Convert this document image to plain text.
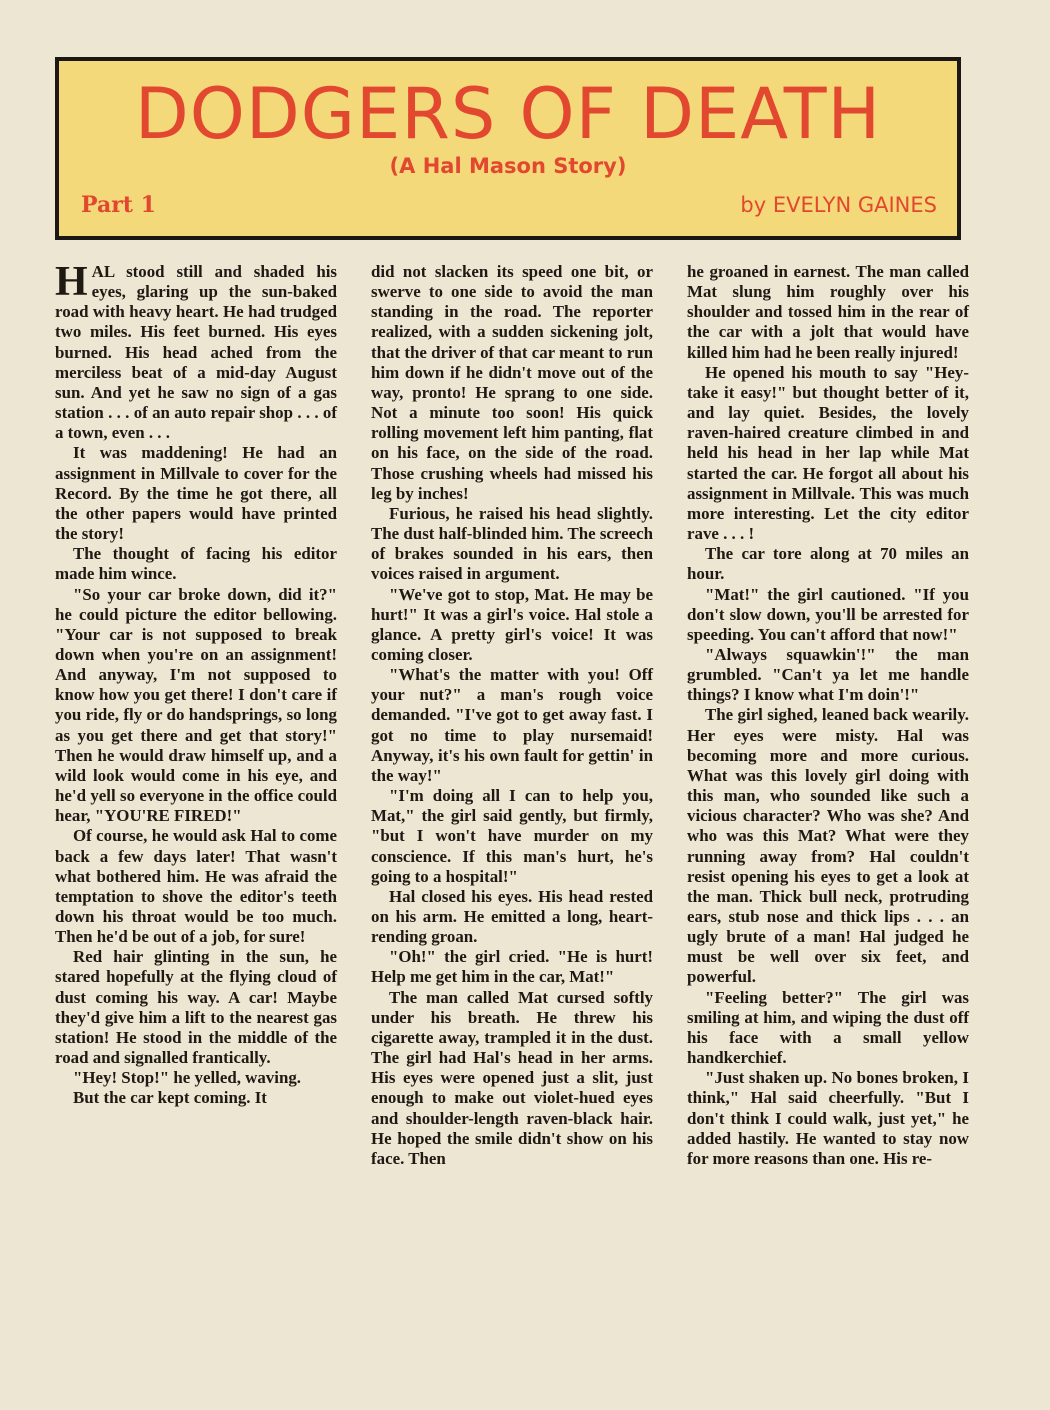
DODGERS OF DEATH
(A Hal Mason Story)
Part 1	by EVELYN GAINES

HAL stood still and shaded his eyes, glaring up the sun-baked road with heavy heart. He had trudged two miles. His feet burned. His eyes burned. His head ached from the merciless beat of a mid-day August sun. And yet he saw no sign of a gas station . . . of an auto repair shop . . . of a town, even . . .

It was maddening! He had an assignment in Millvale to cover for the Record. By the time he got there, all the other papers would have printed the story!

The thought of facing his editor made him wince.

"So your car broke down, did it?" he could picture the editor bellowing. "Your car is not supposed to break down when you're on an assignment! And anyway, I'm not supposed to know how you get there! I don't care if you ride, fly or do handsprings, so long as you get there and get that story!" Then he would draw himself up, and a wild look would come in his eye, and he'd yell so everyone in the office could hear, "YOU'RE FIRED!"

Of course, he would ask Hal to come back a few days later! That wasn't what bothered him. He was afraid the temptation to shove the editor's teeth down his throat would be too much. Then he'd be out of a job, for sure!

Red hair glinting in the sun, he stared hopefully at the flying cloud of dust coming his way. A car! Maybe they'd give him a lift to the nearest gas station! He stood in the middle of the road and signalled frantically.

"Hey! Stop!" he yelled, waving.

But the car kept coming. It

did not slacken its speed one bit, or swerve to one side to avoid the man standing in the road. The reporter realized, with a sudden sickening jolt, that the driver of that car meant to run him down if he didn't move out of the way, pronto! He sprang to one side. Not a minute too soon! His quick rolling movement left him panting, flat on his face, on the side of the road. Those crushing wheels had missed his leg by inches!

Furious, he raised his head slightly. The dust half-blinded him. The screech of brakes sounded in his ears, then voices raised in argument.

"We've got to stop, Mat. He may be hurt!" It was a girl's voice. Hal stole a glance. A pretty girl's voice! It was coming closer.

"What's the matter with you! Off your nut?" a man's rough voice demanded. "I've got to get away fast. I got no time to play nursemaid! Anyway, it's his own fault for gettin' in the way!"

"I'm doing all I can to help you, Mat," the girl said gently, but firmly, "but I won't have murder on my conscience. If this man's hurt, he's going to a hospital!"

Hal closed his eyes. His head rested on his arm. He emitted a long, heart-rending groan.

"Oh!" the girl cried. "He is hurt! Help me get him in the car, Mat!"

The man called Mat cursed softly under his breath. He threw his cigarette away, trampled it in the dust. The girl had Hal's head in her arms. His eyes were opened just a slit, just enough to make out violet-hued eyes and shoulder-length raven-black hair. He hoped the smile didn't show on his face. Then

he groaned in earnest. The man called Mat slung him roughly over his shoulder and tossed him in the rear of the car with a jolt that would have killed him had he been really injured!

He opened his mouth to say "Hey-take it easy!" but thought better of it, and lay quiet. Besides, the lovely raven-haired creature climbed in and held his head in her lap while Mat started the car. He forgot all about his assignment in Millvale. This was much more interesting. Let the city editor rave . . . !

The car tore along at 70 miles an hour.

"Mat!" the girl cautioned. "If you don't slow down, you'll be arrested for speeding. You can't afford that now!"

"Always squawkin'!" the man grumbled. "Can't ya let me handle things? I know what I'm doin'!"

The girl sighed, leaned back wearily. Her eyes were misty. Hal was becoming more and more curious. What was this lovely girl doing with this man, who sounded like such a vicious character? Who was she? And who was this Mat? What were they running away from? Hal couldn't resist opening his eyes to get a look at the man. Thick bull neck, protruding ears, stub nose and thick lips . . . an ugly brute of a man! Hal judged he must be well over six feet, and powerful.

"Feeling better?" The girl was smiling at him, and wiping the dust off his face with a small yellow handkerchief.

"Just shaken up. No bones broken, I think," Hal said cheerfully. "But I don't think I could walk, just yet," he added hastily. He wanted to stay now for more reasons than one. His re-
